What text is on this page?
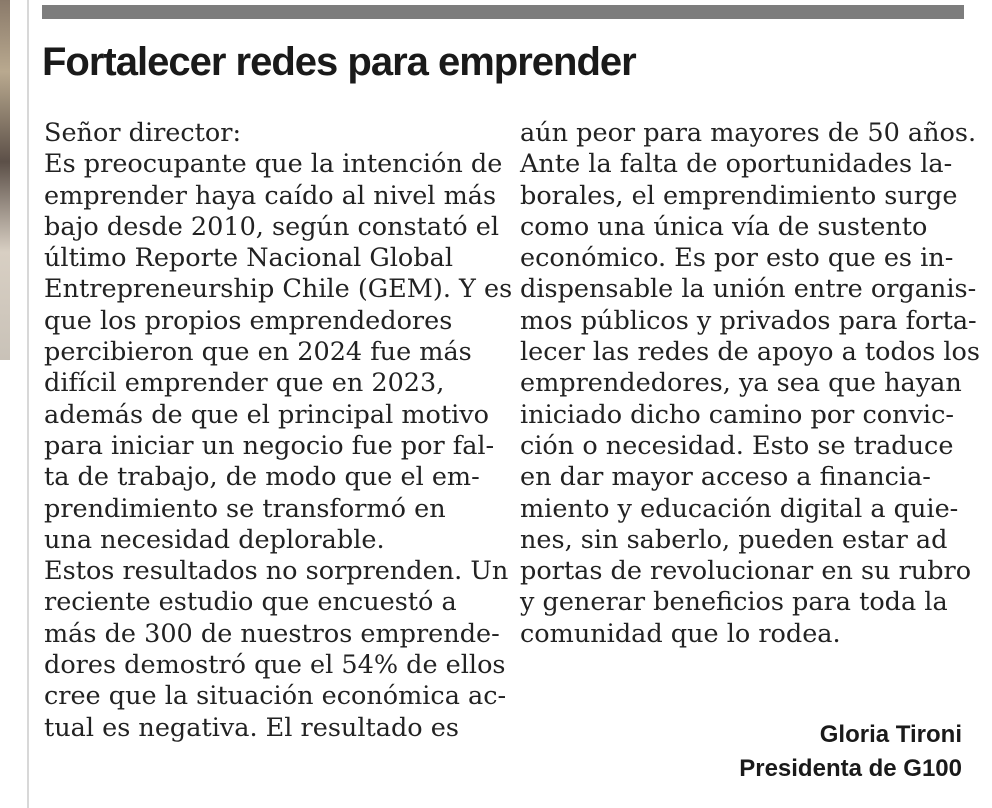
Fortalecer redes para emprender
Señor director:
Es preocupante que la intención de
emprender haya caído al nivel más
bajo desde 2010, según constató el
último Reporte Nacional Global
Entrepreneurship Chile (GEM). Y es
que los propios emprendedores
percibieron que en 2024 fue más
difícil emprender que en 2023,
además de que el principal motivo
para iniciar un negocio fue por fal-
ta de trabajo, de modo que el em-
prendimiento se transformó en
una necesidad deplorable.
Estos resultados no sorprenden. Un
reciente estudio que encuestó a
más de 300 de nuestros emprende-
dores demostró que el 54% de ellos
cree que la situación económica ac-
tual es negativa. El resultado es
aún peor para mayores de 50 años.
Ante la falta de oportunidades la-
borales, el emprendimiento surge
como una única vía de sustento
económico. Es por esto que es in-
dispensable la unión entre organis-
mos públicos y privados para forta-
lecer las redes de apoyo a todos los
emprendedores, ya sea que hayan
iniciado dicho camino por convic-
ción o necesidad. Esto se traduce
en dar mayor acceso a financia-
miento y educación digital a quie-
nes, sin saberlo, pueden estar ad
portas de revolucionar en su rubro
y generar beneficios para toda la
comunidad que lo rodea.
Gloria Tironi
Presidenta de G100
